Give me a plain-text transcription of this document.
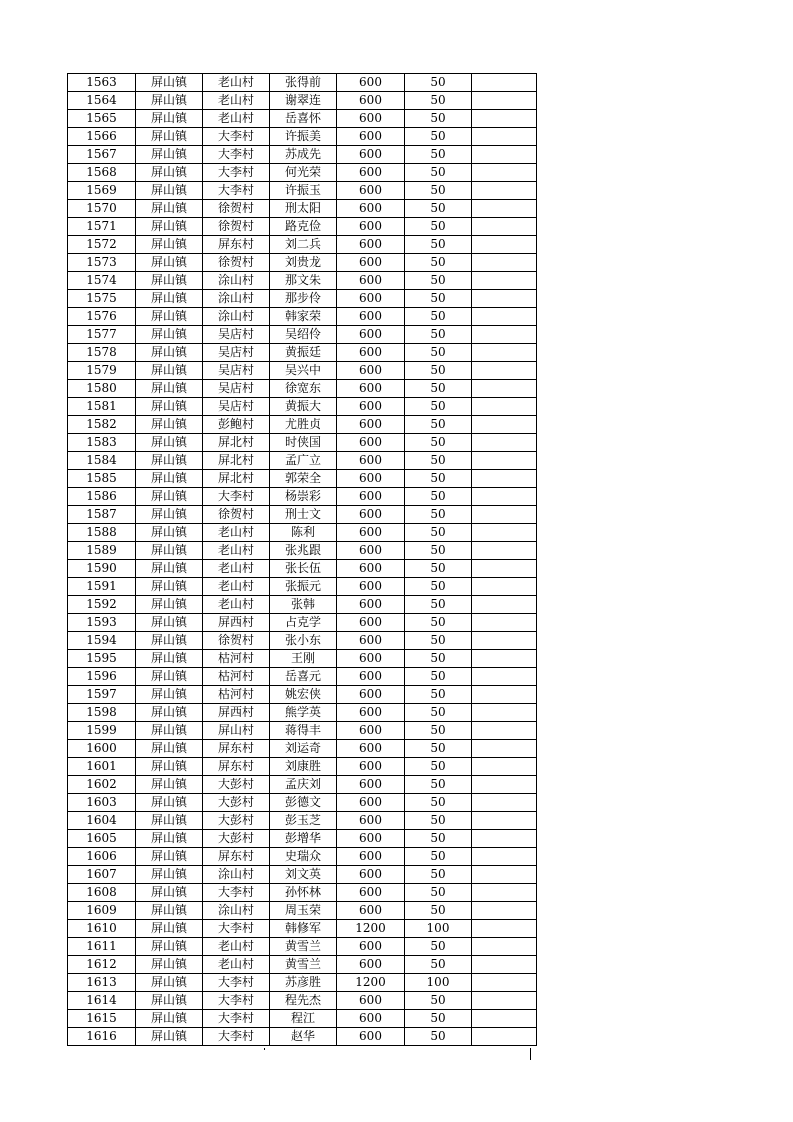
1563	屏山镇	老山村	张得前	600	50	
1564	屏山镇	老山村	谢翠连	600	50	
1565	屏山镇	老山村	岳喜怀	600	50	
1566	屏山镇	大李村	许振美	600	50	
1567	屏山镇	大李村	苏成先	600	50	
1568	屏山镇	大李村	何光荣	600	50	
1569	屏山镇	大李村	许振玉	600	50	
1570	屏山镇	徐贺村	刑太阳	600	50	
1571	屏山镇	徐贺村	路克俭	600	50	
1572	屏山镇	屏东村	刘二兵	600	50	
1573	屏山镇	徐贺村	刘贵龙	600	50	
1574	屏山镇	涂山村	那文朱	600	50	
1575	屏山镇	涂山村	那步伶	600	50	
1576	屏山镇	涂山村	韩家荣	600	50	
1577	屏山镇	吴店村	吴绍伶	600	50	
1578	屏山镇	吴店村	黄振廷	600	50	
1579	屏山镇	吴店村	吴兴中	600	50	
1580	屏山镇	吴店村	徐宽东	600	50	
1581	屏山镇	吴店村	黄振大	600	50	
1582	屏山镇	彭鲍村	尤胜贞	600	50	
1583	屏山镇	屏北村	时侠国	600	50	
1584	屏山镇	屏北村	孟广立	600	50	
1585	屏山镇	屏北村	郭荣全	600	50	
1586	屏山镇	大李村	杨崇彩	600	50	
1587	屏山镇	徐贺村	刑士文	600	50	
1588	屏山镇	老山村	陈利	600	50	
1589	屏山镇	老山村	张兆跟	600	50	
1590	屏山镇	老山村	张长伍	600	50	
1591	屏山镇	老山村	张振元	600	50	
1592	屏山镇	老山村	张韩	600	50	
1593	屏山镇	屏西村	占克学	600	50	
1594	屏山镇	徐贺村	张小东	600	50	
1595	屏山镇	枯河村	王刚	600	50	
1596	屏山镇	枯河村	岳喜元	600	50	
1597	屏山镇	枯河村	姚宏侠	600	50	
1598	屏山镇	屏西村	熊学英	600	50	
1599	屏山镇	屏山村	蒋得丰	600	50	
1600	屏山镇	屏东村	刘运奇	600	50	
1601	屏山镇	屏东村	刘康胜	600	50	
1602	屏山镇	大彭村	孟庆刘	600	50	
1603	屏山镇	大彭村	彭德文	600	50	
1604	屏山镇	大彭村	彭玉芝	600	50	
1605	屏山镇	大彭村	彭增华	600	50	
1606	屏山镇	屏东村	史瑞众	600	50	
1607	屏山镇	涂山村	刘文英	600	50	
1608	屏山镇	大李村	孙怀林	600	50	
1609	屏山镇	涂山村	周玉荣	600	50	
1610	屏山镇	大李村	韩修军	1200	100	
1611	屏山镇	老山村	黄雪兰	600	50	
1612	屏山镇	老山村	黄雪兰	600	50	
1613	屏山镇	大李村	苏彦胜	1200	100	
1614	屏山镇	大李村	程先杰	600	50	
1615	屏山镇	大李村	程江	600	50	
1616	屏山镇	大李村	赵华	600	50	
